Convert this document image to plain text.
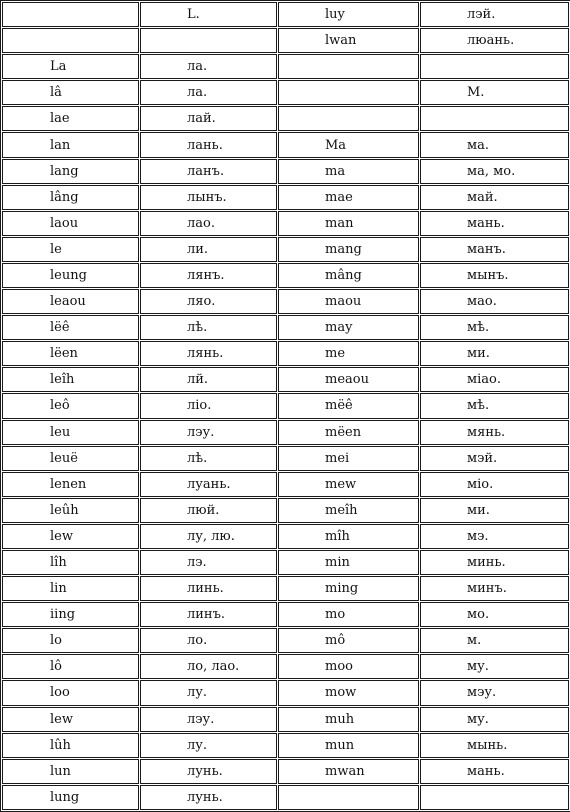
	L.	luy	лэй.
		lwan	люань.
La	ла.		
lâ	ла.		М.
lae	лай.		
lan	лань.	Ma	ма.
lang	ланъ.	ma	ма, мо.
lâng	лынъ.	mae	май.
laou	лао.	man	мань.
le	ли.	mang	манъ.
leung	лянъ.	mâng	мынъ.
leaou	ляо.	maou	мао.
lëê	лѣ.	may	мѣ.
lëen	лянь.	me	ми.
leîh	лй.	meaou	міао.
leô	ліо.	mëê	мѣ.
leu	лэу.	mëen	мянь.
leuë	лѣ.	mei	мэй.
lenen	луань.	mew	міо.
leûh	люй.	meîh	ми.
lew	лу, лю.	mîh	мэ.
lîh	лэ.	min	минь.
lin	линь.	ming	минъ.
iing	линъ.	mo	мо.
lo	ло.	mô	м.
lô	ло, лао.	moo	му.
loo	лу.	mow	мэу.
lew	лэу.	muh	му.
lûh	лу.	mun	мынь.
lun	лунь.	mwan	мань.
lung	лунь.		
